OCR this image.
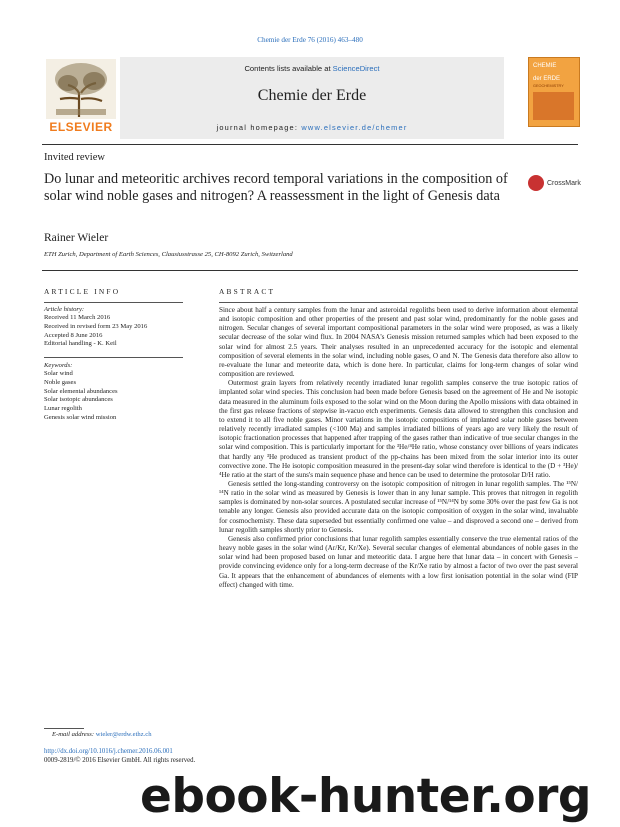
Chemie der Erde 76 (2016) 463–480
ELSEVIER
Contents lists available at ScienceDirect
Chemie der Erde
journal homepage: www.elsevier.de/chemer
CHEMIE
der ERDE
GEOCHEMISTRY
Invited review
Do lunar and meteoritic archives record temporal variations in the composition of solar wind noble gases and nitrogen? A reassessment in the light of Genesis data
CrossMark
Rainer Wieler
ETH Zurich, Department of Earth Sciences, Clausiusstrasse 25, CH-8092 Zurich, Switzerland
ARTICLE INFO	ABSTRACT
Article history:
Received 11 March 2016
Received in revised form 23 May 2016
Accepted 8 June 2016
Editorial handling - K. Keil
Keywords:
Solar wind
Noble gases
Solar elemental abundances
Solar isotopic abundances
Lunar regolith
Genesis solar wind mission

Since about half a century samples from the lunar and asteroidal regoliths been used to derive information about elemental and isotopic composition and other properties of the present and past solar wind, predominantly for the noble gases and nitrogen. Secular changes of several important compositional parameters in the solar wind were proposed, as was a likely secular decrease of the solar wind flux. In 2004 NASA's Genesis mission returned samples which had been exposed to the solar wind for almost 2.5 years. Their analyses resulted in an unprecedented accuracy for the isotopic and elemental composition of several elements in the solar wind, including noble gases, O and N. The Genesis data therefore also allow to re-evaluate the lunar and meteorite data, which is done here. In particular, claims for long-term changes of solar wind composition are reviewed.

Outermost grain layers from relatively recently irradiated lunar regolith samples conserve the true isotopic ratios of implanted solar wind species. This conclusion had been made before Genesis based on the agreement of He and Ne isotopic data measured in the aluminum foils exposed to the solar wind on the Moon during the Apollo missions with data obtained in the first gas release fractions of stepwise in-vacuo etch experiments. Genesis data allowed to strengthen this conclusion and to extend it to all five noble gases. Minor variations in the isotopic compositions of implanted solar noble gases between relatively recently irradiated samples (<100 Ma) and samples irradiated billions of years ago are very likely the result of isotopic fractionation processes that happened after trapping of the gases rather than indicative of true secular changes in the solar wind composition. This is particularly important for the ³He/⁴He ratio, whose constancy over billions of years indicates that hardly any ³He produced as transient product of the pp-chains has been mixed from the solar interior into its outer convective zone. The He isotopic composition measured in the present-day solar wind therefore is identical to the (D + ³He)/⁴He ratio at the start of the suns's main sequence phase and hence can be used to determine the protosolar D/H ratio.

Genesis settled the long-standing controversy on the isotopic composition of nitrogen in lunar regolith samples. The ¹⁵N/¹⁴N ratio in the solar wind as measured by Genesis is lower than in any lunar sample. This proves that nitrogen in regolith samples is dominated by non-solar sources. A postulated secular increase of ¹⁵N/¹⁴N by some 30% over the past few Ga is not tenable any longer. Genesis also provided accurate data on the isotopic composition of oxygen in the solar wind, invaluable for cosmochemisty. These data superseded but essentially confirmed one value – and disproved a second one – derived from lunar regolith samples shortly prior to Genesis.

Genesis also confirmed prior conclusions that lunar regolith samples essentially conserve the true elemental ratios of the heavy noble gases in the solar wind (Ar/Kr, Kr/Xe). Several secular changes of elemental abundances of noble gases in the solar wind had been proposed based on lunar and meteoritic data. I argue here that lunar data – in concert with Genesis – provide convincing evidence only for a long-term decrease of the Kr/Xe ratio by almost a factor of two over the past several Ga. It appears that the enhancement of abundances of elements with a low first ionisation potential in the solar wind (FIP effect) changed with time.

E-mail address: wieler@erdw.ethz.ch
http://dx.doi.org/10.1016/j.chemer.2016.06.001
0009-2819/© 2016 Elsevier GmbH. All rights reserved.
ebook-hunter.org
